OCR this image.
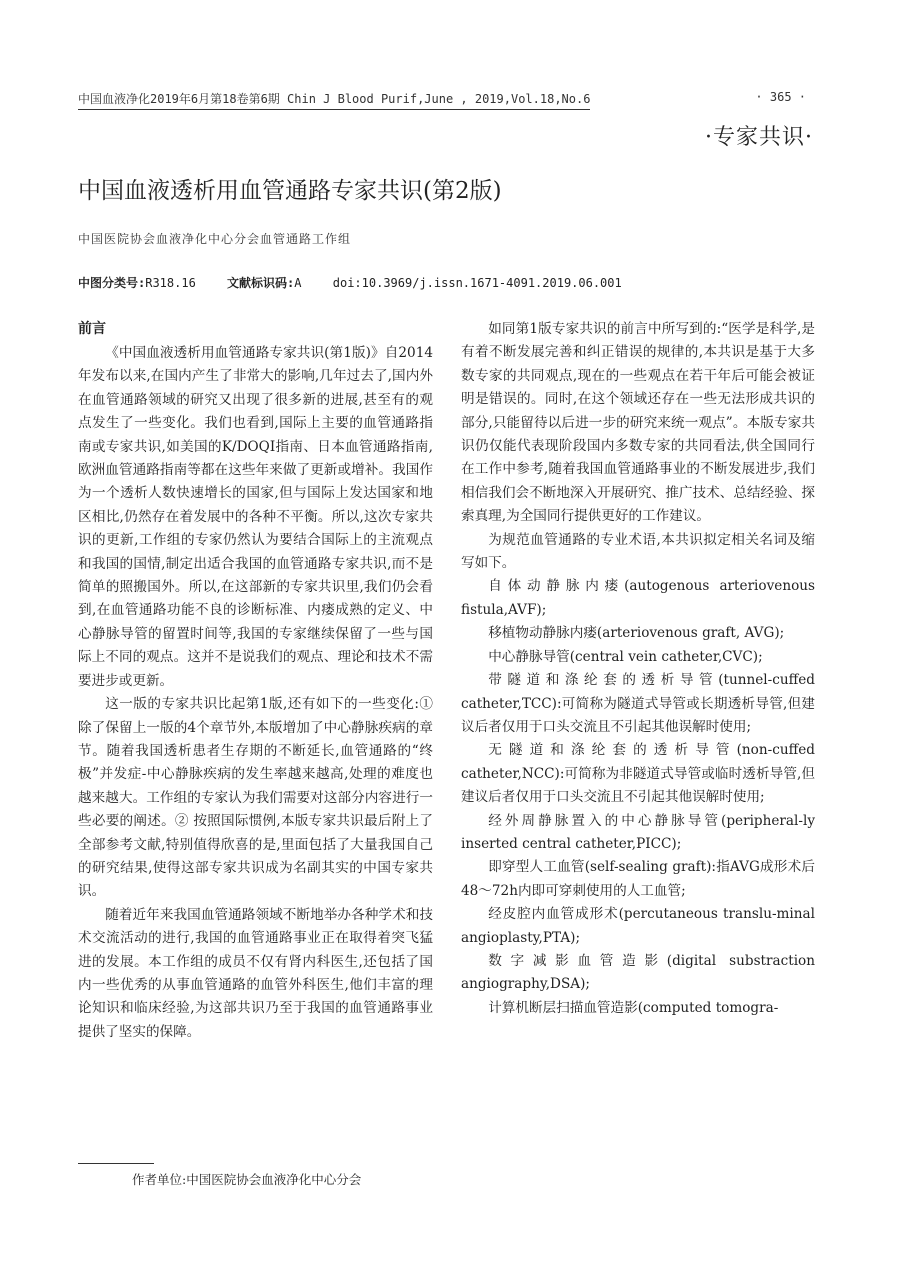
中国血液净化2019年6月第18卷第6期 Chin J Blood Purif,June , 2019,Vol.18,No.6	· 365 ·
·专家共识·
中国血液透析用血管通路专家共识(第2版)
中国医院协会血液净化中心分会血管通路工作组
中图分类号:R318.16	文献标识码:A	doi:10.3969/j.issn.1671-4091.2019.06.001
前言

《中国血液透析用血管通路专家共识(第1版)》自2014年发布以来,在国内产生了非常大的影响,几年过去了,国内外在血管通路领域的研究又出现了很多新的进展,甚至有的观点发生了一些变化。我们也看到,国际上主要的血管通路指南或专家共识,如美国的K/DOQI指南、日本血管通路指南,欧洲血管通路指南等都在这些年来做了更新或增补。我国作为一个透析人数快速增长的国家,但与国际上发达国家和地区相比,仍然存在着发展中的各种不平衡。所以,这次专家共识的更新,工作组的专家仍然认为要结合国际上的主流观点和我国的国情,制定出适合我国的血管通路专家共识,而不是简单的照搬国外。所以,在这部新的专家共识里,我们仍会看到,在血管通路功能不良的诊断标准、内瘘成熟的定义、中心静脉导管的留置时间等,我国的专家继续保留了一些与国际上不同的观点。这并不是说我们的观点、理论和技术不需要进步或更新。

这一版的专家共识比起第1版,还有如下的一些变化:① 除了保留上一版的4个章节外,本版增加了中心静脉疾病的章节。随着我国透析患者生存期的不断延长,血管通路的“终极”并发症-中心静脉疾病的发生率越来越高,处理的难度也越来越大。工作组的专家认为我们需要对这部分内容进行一些必要的阐述。② 按照国际惯例,本版专家共识最后附上了全部参考文献,特别值得欣喜的是,里面包括了大量我国自己的研究结果,使得这部专家共识成为名副其实的中国专家共识。

随着近年来我国血管通路领域不断地举办各种学术和技术交流活动的进行,我国的血管通路事业正在取得着突飞猛进的发展。本工作组的成员不仅有肾内科医生,还包括了国内一些优秀的从事血管通路的血管外科医生,他们丰富的理论知识和临床经验,为这部共识乃至于我国的血管通路事业提供了坚实的保障。

如同第1版专家共识的前言中所写到的:“医学是科学,是有着不断发展完善和纠正错误的规律的,本共识是基于大多数专家的共同观点,现在的一些观点在若干年后可能会被证明是错误的。同时,在这个领域还存在一些无法形成共识的部分,只能留待以后进一步的研究来统一观点”。本版专家共识仍仅能代表现阶段国内多数专家的共同看法,供全国同行在工作中参考,随着我国血管通路事业的不断发展进步,我们相信我们会不断地深入开展研究、推广技术、总结经验、探索真理,为全国同行提供更好的工作建议。

为规范血管通路的专业术语,本共识拟定相关名词及缩写如下。

自体动静脉内瘘(autogenous arteriovenous fistula,AVF);

移植物动静脉内瘘(arteriovenous graft, AVG);

中心静脉导管(central vein catheter,CVC);

带隧道和涤纶套的透析导管(tunnel-cuffed catheter,TCC):可简称为隧道式导管或长期透析导管,但建议后者仅用于口头交流且不引起其他误解时使用;

无隧道和涤纶套的透析导管(non-cuffed catheter,NCC):可简称为非隧道式导管或临时透析导管,但建议后者仅用于口头交流且不引起其他误解时使用;

经外周静脉置入的中心静脉导管(peripheral-ly inserted central catheter,PICC);

即穿型人工血管(self-sealing graft):指AVG成形术后48～72h内即可穿刺使用的人工血管;

经皮腔内血管成形术(percutaneous translu-minal angioplasty,PTA);

数字减影血管造影(digital substraction angiography,DSA);

计算机断层扫描血管造影(computed tomogra-

作者单位:中国医院协会血液净化中心分会
